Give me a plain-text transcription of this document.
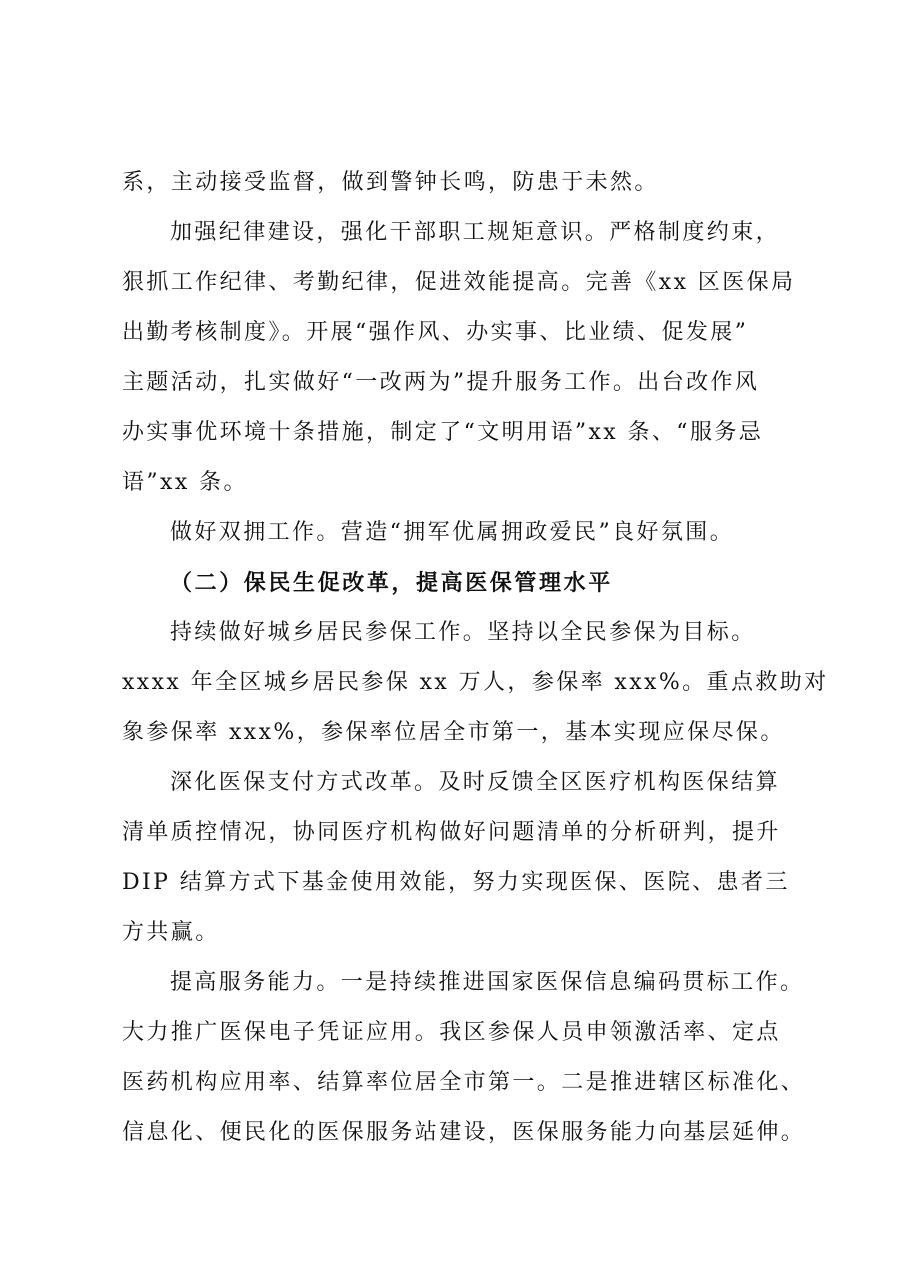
系，主动接受监督，做到警钟长鸣，防患于未然。
加强纪律建设，强化干部职工规矩意识。严格制度约束，
狠抓工作纪律、考勤纪律，促进效能提高。完善《xx 区医保局
出勤考核制度》。开展“强作风、办实事、比业绩、促发展”
主题活动，扎实做好“一改两为”提升服务工作。出台改作风
办实事优环境十条措施，制定了“文明用语”xx 条、“服务忌
语”xx 条。
做好双拥工作。营造“拥军优属拥政爱民”良好氛围。
（二）保民生促改革，提高医保管理水平
持续做好城乡居民参保工作。坚持以全民参保为目标。
xxxx 年全区城乡居民参保 xx 万人，参保率 xxx%。重点救助对
象参保率 xxx%，参保率位居全市第一，基本实现应保尽保。
深化医保支付方式改革。及时反馈全区医疗机构医保结算
清单质控情况，协同医疗机构做好问题清单的分析研判，提升
DIP 结算方式下基金使用效能，努力实现医保、医院、患者三
方共赢。
提高服务能力。一是持续推进国家医保信息编码贯标工作。
大力推广医保电子凭证应用。我区参保人员申领激活率、定点
医药机构应用率、结算率位居全市第一。二是推进辖区标准化、
信息化、便民化的医保服务站建设，医保服务能力向基层延伸。
